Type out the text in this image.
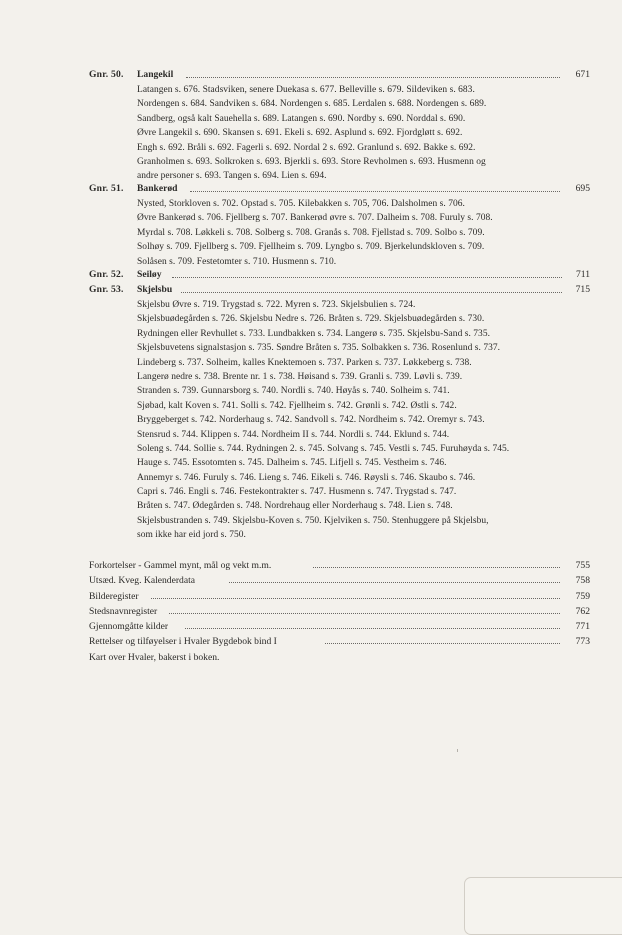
Gnr. 50. Langekil	671
Latangen s. 676. Stadsviken, senere Duekasa s. 677. Belleville s. 679. Sildeviken s. 683.
Nordengen s. 684. Sandviken s. 684. Nordengen s. 685. Lerdalen s. 688. Nordengen s. 689.
Sandberg, også kalt Sauehella s. 689. Latangen s. 690. Nordby s. 690. Norddal s. 690.
Øvre Langekil s. 690. Skansen s. 691. Ekeli s. 692. Asplund s. 692. Fjordgløtt s. 692.
Engh s. 692. Bråli s. 692. Fagerli s. 692. Nordal 2 s. 692. Granlund s. 692. Bakke s. 692.
Granholmen s. 693. Solkroken s. 693. Bjerkli s. 693. Store Revholmen s. 693. Husmenn og
andre personer s. 693. Tangen s. 694. Lien s. 694.
Gnr. 51. Bankerød	695
Nysted, Storkloven s. 702. Opstad s. 705. Kilebakken s. 705, 706. Dalsholmen s. 706.
Øvre Bankerød s. 706. Fjellberg s. 707. Bankerød øvre s. 707. Dalheim s. 708. Furuly s. 708.
Myrdal s. 708. Løkkeli s. 708. Solberg s. 708. Granås s. 708. Fjellstad s. 709. Solbo s. 709.
Solhøy s. 709. Fjellberg s. 709. Fjellheim s. 709. Lyngbo s. 709. Bjerkelundskloven s. 709.
Solåsen s. 709. Festetomter s. 710. Husmenn s. 710.
Gnr. 52. Seiløy	711
Gnr. 53. Skjelsbu	715
Skjelsbu Øvre s. 719. Trygstad s. 722. Myren s. 723. Skjelsbulien s. 724.
Skjelsbuødegården s. 726. Skjelsbu Nedre s. 726. Bråten s. 729. Skjelsbuødegården s. 730.
Rydningen eller Revhullet s. 733. Lundbakken s. 734. Langerø s. 735. Skjelsbu-Sand s. 735.
Skjelsbuvetens signalstasjon s. 735. Søndre Bråten s. 735. Solbakken s. 736. Rosenlund s. 737.
Lindeberg s. 737. Solheim, kalles Knektemoen s. 737. Parken s. 737. Løkkeberg s. 738.
Langerø nedre s. 738. Brente nr. 1 s. 738. Høisand s. 739. Granli s. 739. Løvli s. 739.
Stranden s. 739. Gunnarsborg s. 740. Nordli s. 740. Høyås s. 740. Solheim s. 741.
Sjøbad, kalt Koven s. 741. Solli s. 742. Fjellheim s. 742. Grønli s. 742. Østli s. 742.
Bryggeberget s. 742. Norderhaug s. 742. Sandvoll s. 742. Nordheim s. 742. Oremyr s. 743.
Stensrud s. 744. Klippen s. 744. Nordheim II s. 744. Nordli s. 744. Eklund s. 744.
Soleng s. 744. Sollie s. 744. Rydningen 2. s. 745. Solvang s. 745. Vestli s. 745. Furuhøyda s. 745.
Hauge s. 745. Essotomten s. 745. Dalheim s. 745. Lifjell s. 745. Vestheim s. 746.
Annemyr s. 746. Furuly s. 746. Lieng s. 746. Eikeli s. 746. Røysli s. 746. Skaubo s. 746.
Capri s. 746. Engli s. 746. Festekontrakter s. 747. Husmenn s. 747. Trygstad s. 747.
Bråten s. 747. Ødegården s. 748. Nordrehaug eller Norderhaug s. 748. Lien s. 748.
Skjelsbustranden s. 749. Skjelsbu-Koven s. 750. Kjelviken s. 750. Stenhuggere på Skjelsbu,
som ikke har eid jord s. 750.
Forkortelser - Gammel mynt, mål og vekt m.m.	755
Utsæd. Kveg. Kalenderdata	758
Bilderegister	759
Stedsnavnregister	762
Gjennomgåtte kilder	771
Rettelser og tilføyelser i Hvaler Bygdebok bind I	773
Kart over Hvaler, bakerst i boken.
